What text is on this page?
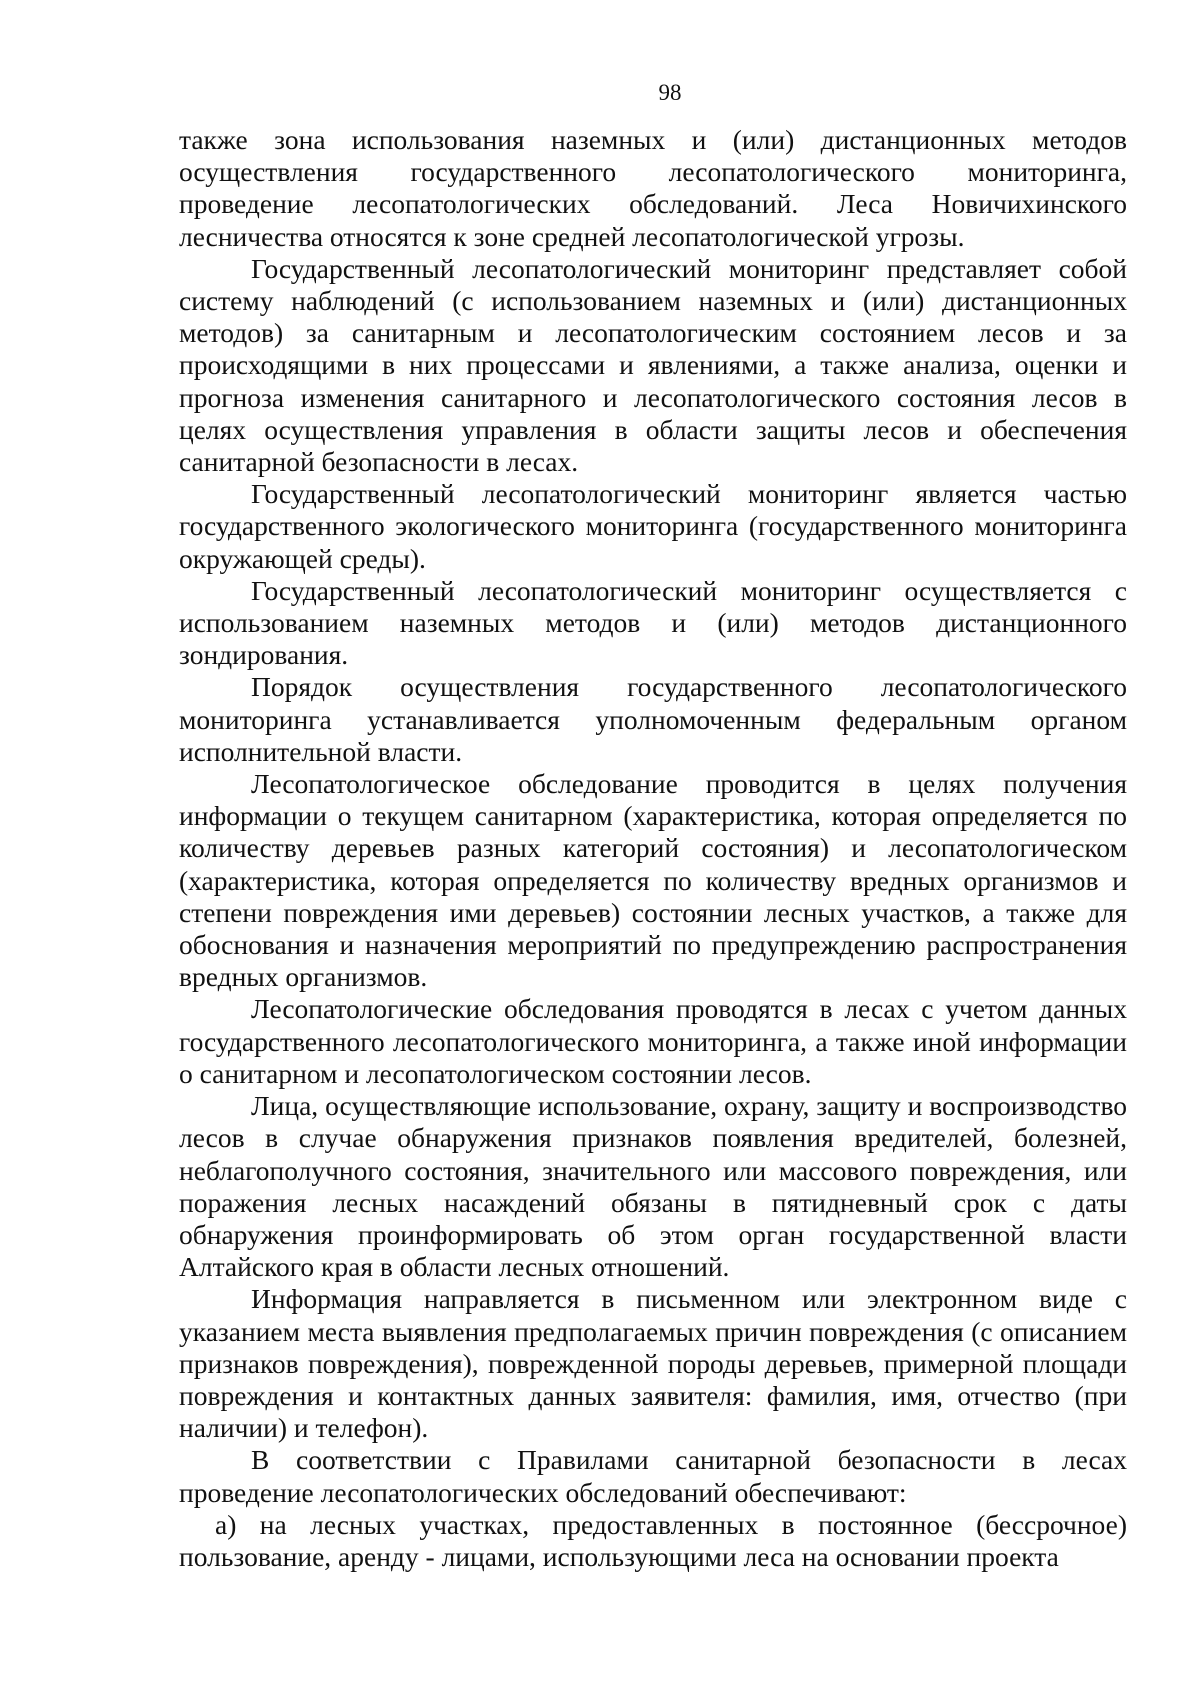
98

также зона использования наземных и (или) дистанционных методов осуществления государственного лесопатологического мониторинга, проведение лесопатологических обследований. Леса Новичихинского лесничества относятся к зоне средней лесопатологической угрозы.

Государственный лесопатологический мониторинг представляет собой систему наблюдений (с использованием наземных и (или) дистанционных методов) за санитарным и лесопатологическим состоянием лесов и за происходящими в них процессами и явлениями, а также анализа, оценки и прогноза изменения санитарного и лесопатологического состояния лесов в целях осуществления управления в области защиты лесов и обеспечения санитарной безопасности в лесах.

Государственный лесопатологический мониторинг является частью государственного экологического мониторинга (государственного мониторинга окружающей среды).

Государственный лесопатологический мониторинг осуществляется с использованием наземных методов и (или) методов дистанционного зондирования.

Порядок осуществления государственного лесопатологического мониторинга устанавливается уполномоченным федеральным органом исполнительной власти.

Лесопатологическое обследование проводится в целях получения информации о текущем санитарном (характеристика, которая определяется по количеству деревьев разных категорий состояния) и лесопатологическом (характеристика, которая определяется по количеству вредных организмов и степени повреждения ими деревьев) состоянии лесных участков, а также для обоснования и назначения мероприятий по предупреждению распространения вредных организмов.

Лесопатологические обследования проводятся в лесах с учетом данных государственного лесопатологического мониторинга, а также иной информации о санитарном и лесопатологическом состоянии лесов.

Лица, осуществляющие использование, охрану, защиту и воспроизводство лесов в случае обнаружения признаков появления вредителей, болезней, неблагополучного состояния, значительного или массового повреждения, или поражения лесных насаждений обязаны в пятидневный срок с даты обнаружения проинформировать об этом орган государственной власти Алтайского края в области лесных отношений.

Информация направляется в письменном или электронном виде с указанием места выявления предполагаемых причин повреждения (с описанием признаков повреждения), поврежденной породы деревьев, примерной площади повреждения и контактных данных заявителя: фамилия, имя, отчество (при наличии) и телефон).

В соответствии с Правилами санитарной безопасности в лесах проведение лесопатологических обследований обеспечивают:

а) на лесных участках, предоставленных в постоянное (бессрочное) пользование, аренду - лицами, использующими леса на основании проекта
